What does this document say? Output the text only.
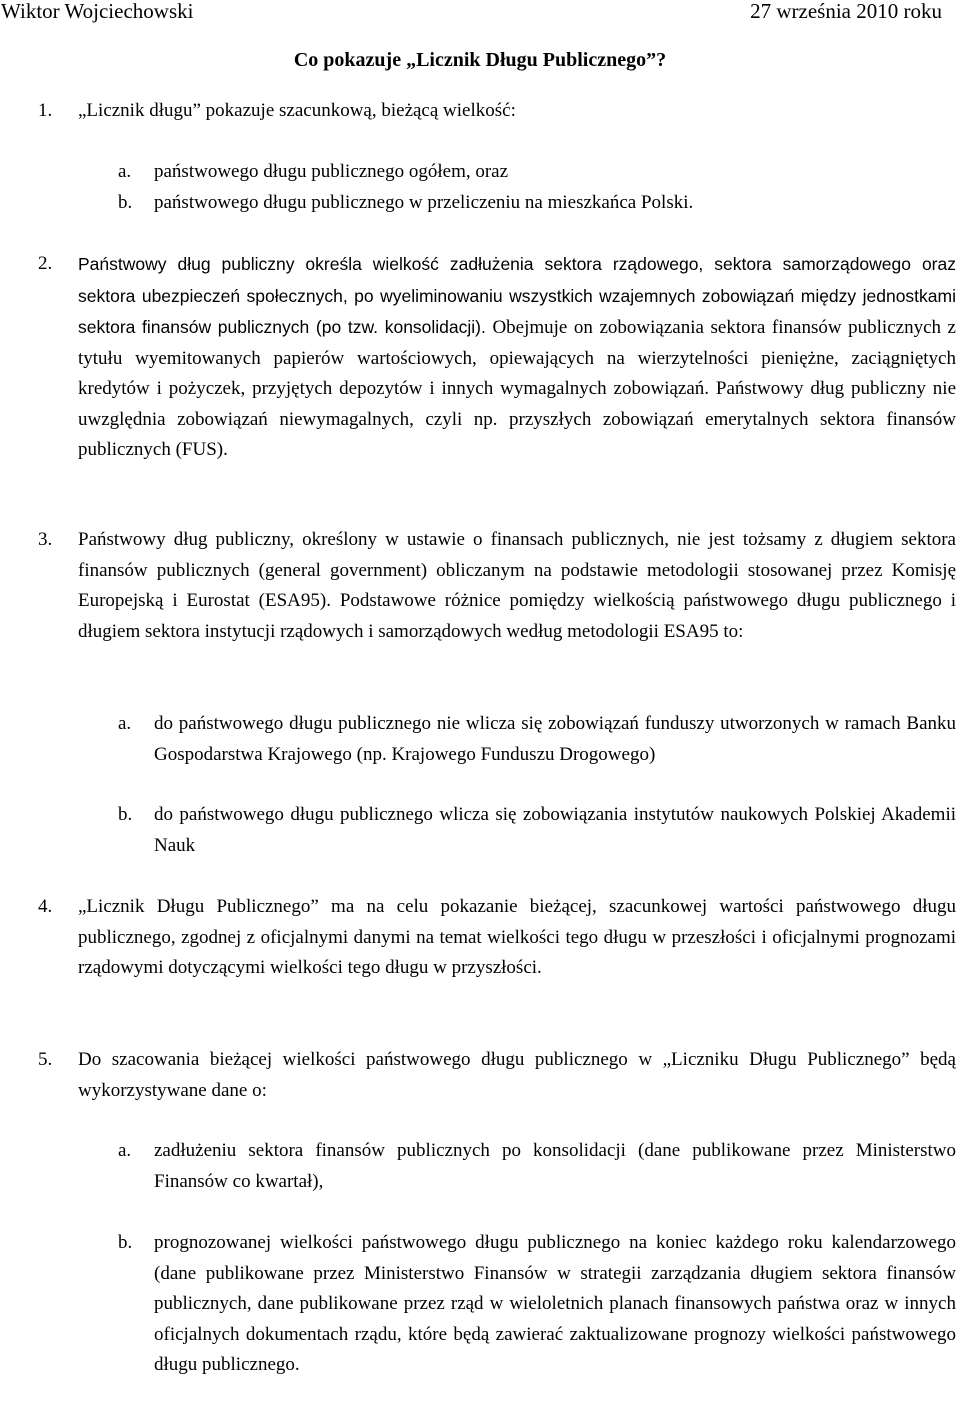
Wiktor Wojciechowski	27 września 2010 roku
Co pokazuje „Licznik Długu Publicznego”?
1. „Licznik długu” pokazuje szacunkową, bieżącą wielkość:
a. państwowego długu publicznego ogółem, oraz
b. państwowego długu publicznego w przeliczeniu na mieszkańca Polski.
2. Państwowy dług publiczny określa wielkość zadłużenia sektora rządowego, sektora samorządowego oraz sektora ubezpieczeń społecznych, po wyeliminowaniu wszystkich wzajemnych zobowiązań między jednostkami sektora finansów publicznych (po tzw. konsolidacji). Obejmuje on zobowiązania sektora finansów publicznych z tytułu wyemitowanych papierów wartościowych, opiewających na wierzytelności pieniężne, zaciągniętych kredytów i pożyczek, przyjętych depozytów i innych wymagalnych zobowiązań. Państwowy dług publiczny nie uwzględnia zobowiązań niewymagalnych, czyli np. przyszłych zobowiązań emerytalnych sektora finansów publicznych (FUS).
3. Państwowy dług publiczny, określony w ustawie o finansach publicznych, nie jest tożsamy z długiem sektora finansów publicznych (general government) obliczanym na podstawie metodologii stosowanej przez Komisję Europejską i Eurostat (ESA95). Podstawowe różnice pomiędzy wielkością państwowego długu publicznego i długiem sektora instytucji rządowych i samorządowych według metodologii ESA95 to:
a. do państwowego długu publicznego nie wlicza się zobowiązań funduszy utworzonych w ramach Banku Gospodarstwa Krajowego (np. Krajowego Funduszu Drogowego)
b. do państwowego długu publicznego wlicza się zobowiązania instytutów naukowych Polskiej Akademii Nauk
4. „Licznik Długu Publicznego” ma na celu pokazanie bieżącej, szacunkowej wartości państwowego długu publicznego, zgodnej z oficjalnymi danymi na temat wielkości tego długu w przeszłości i oficjalnymi prognozami rządowymi dotyczącymi wielkości tego długu w przyszłości.
5. Do szacowania bieżącej wielkości państwowego długu publicznego w „Liczniku Długu Publicznego” będą wykorzystywane dane o:
a. zadłużeniu sektora finansów publicznych po konsolidacji (dane publikowane przez Ministerstwo Finansów co kwartał),
b. prognozowanej wielkości państwowego długu publicznego na koniec każdego roku kalendarzowego (dane publikowane przez Ministerstwo Finansów w strategii zarządzania długiem sektora finansów publicznych, dane publikowane przez rząd w wieloletnich planach finansowych państwa oraz w innych oficjalnych dokumentach rządu, które będą zawierać zaktualizowane prognozy wielkości państwowego długu publicznego.
